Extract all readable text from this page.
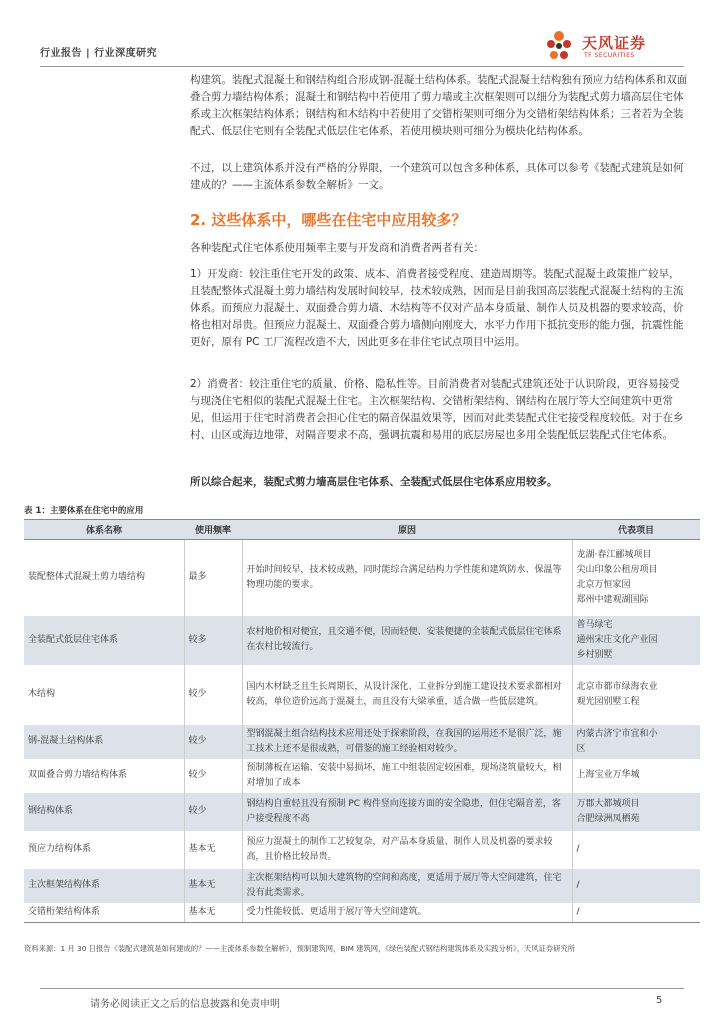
行业报告 | 行业深度研究
天风证券
TF SECURITIES
构建筑。装配式混凝土和钢结构组合形成钢-混凝土结构体系。装配式混凝土结构独有预应力结构体系和双面叠合剪力墙结构体系；混凝土和钢结构中若使用了剪力墙或主次框架则可以细分为装配式剪力墙高层住宅体系或主次框架结构体系；钢结构和木结构中若使用了交错桁架则可细分为交错桁架结构体系；三者若为全装配式、低层住宅则有全装配式低层住宅体系，若使用模块则可细分为模块化结构体系。
不过，以上建筑体系并没有严格的分界限，一个建筑可以包含多种体系，具体可以参考《装配式建筑是如何建成的？——主流体系参数全解析》一文。
2. 这些体系中，哪些在住宅中应用较多？
各种装配式住宅体系使用频率主要与开发商和消费者两者有关：
1）开发商：较注重住宅开发的政策、成本、消费者接受程度、建造周期等。装配式混凝土政策推广较早，且装配整体式混凝土剪力墙结构发展时间较早，技术较成熟，因而是目前我国高层装配式混凝土结构的主流体系。而预应力混凝土、双面叠合剪力墙、木结构等不仅对产品本身质量、制作人员及机器的要求较高，价格也相对昂贵。但预应力混凝土、双面叠合剪力墙侧向刚度大，水平力作用下抵抗变形的能力强，抗震性能更好，原有 PC 工厂流程改造不大，因此更多在非住宅试点项目中运用。
2）消费者：较注重住宅的质量、价格、隐私性等。目前消费者对装配式建筑还处于认识阶段，更容易接受与现浇住宅相似的装配式混凝土住宅。主次框架结构、交错桁架结构、钢结构在展厅等大空间建筑中更常见，但运用于住宅时消费者会担心住宅的隔音保温效果等，因而对此类装配式住宅接受程度较低。对于在乡村、山区或海边地带，对隔音要求不高，强调抗震和易用的底层房屋也多用全装配低层装配式住宅体系。
所以综合起来，装配式剪力墙高层住宅体系、全装配式低层住宅体系应用较多。
表 1：主要体系在住宅中的应用
体系名称	使用频率	原因	代表项目
装配整体式混凝土剪力墙结构	最多	开始时间较早，技术较成熟，同时能综合满足结构力学性能和建筑防水、保温等物理功能的要求。	龙湖·春江郦城项目
尖山印象公租房项目
北京万恒家园
郑州中建观湖国际
全装配式低层住宅体系	较多	农村地价相对便宜，且交通不便，因而轻便、安装便捷的全装配式低层住宅体系在农村比较流行。	普马绿宅
通州宋庄文化产业园
乡村别墅
木结构	较少	国内木材缺乏且生长周期长，从设计深化、工业拆分到施工建设技术要求都相对较高，单位造价远高于混凝土，而且没有大梁承重，适合做一些低层建筑。	北京市都市绿海农业
观光园别墅工程
钢-混凝土结构体系	较少	型钢混凝土组合结构技术应用还处于探索阶段，在我国的运用还不是很广泛，施工技术上还不是很成熟，可借鉴的施工经验相对较少。	内蒙古济宁市宜和小
区
双面叠合剪力墙结构体系	较少	预制薄板在运输、安装中易损坏，施工中组装固定较困难，现场浇筑量较大，相对增加了成本	上海宝业万华城
钢结构体系	较少	钢结构自重轻且没有预制 PC 构件竖向连接方面的安全隐患，但住宅隔音差，客户接受程度不高	万郡大都城项目
合肥绿洲凤栖苑
预应力结构体系	基本无	预应力混凝土的制作工艺较复杂，对产品本身质量、制作人员及机器的要求较高，且价格比较昂贵。	/
主次框架结构体系	基本无	主次框架结构可以加大建筑物的空间和高度，更适用于展厅等大空间建筑，住宅没有此类需求。	/
交错桁架结构体系	基本无	受力性能较低、更适用于展厅等大空间建筑。	/
资料来源：1 月 30 日报告《装配式建筑是如何建成的？——主流体系参数全解析》，预制建筑网，BIM 建筑网，《绿色装配式钢结构建筑体系及实践分析》，天风证券研究所
请务必阅读正文之后的信息披露和免责申明	5
